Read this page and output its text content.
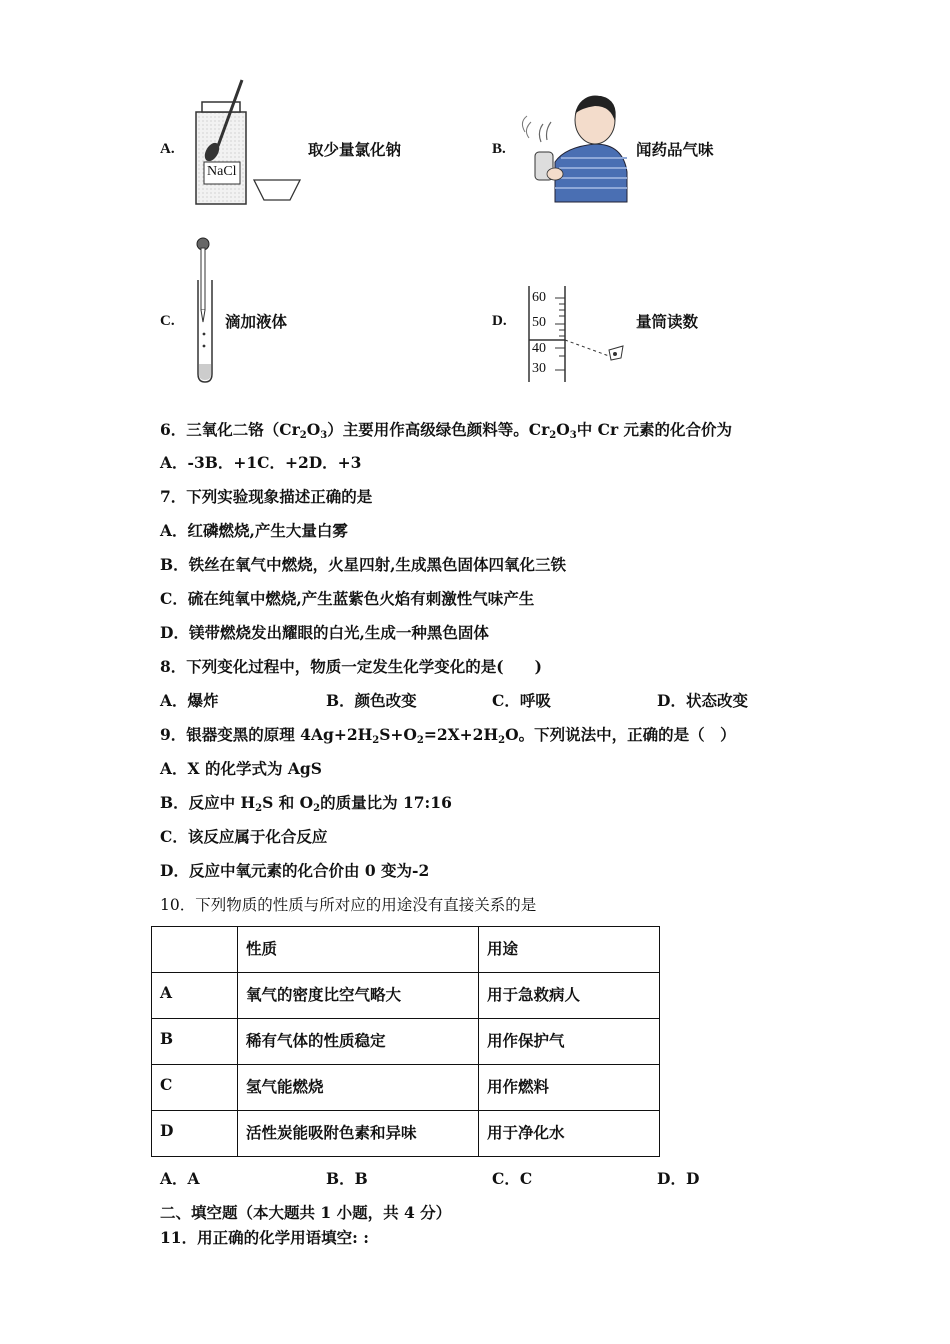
A.
NaCl
取少量氯化钠	B.	闻药品气味
C.	滴加液体	D.
60
50
40
30
量筒读数
6．三氧化二铬$(Cr_2O_3)$主要用作高级绿色颜料等。$Cr_2O_3$中 Cr 元素的化合价为
A．-3B．+1C．+2D．+3
7．下列实验现象描述正确的是
A．红磷燃烧,产生大量白雾
B．铁丝在氧气中燃烧，火星四射,生成黑色固体四氧化三铁
C．硫在纯氧中燃烧,产生蓝紫色火焰有刺激性气味产生
D．镁带燃烧发出耀眼的白光,生成一种黑色固体
8．下列变化过程中，物质一定发生化学变化的是(　　)
A．爆炸	B．颜色改变	C．呼吸	D．状态改变
9．银器变黑的原理 $4Ag+2H_2S+O_2=2X+2H_2O$。下列说法中，正确的是（　）
A．X 的化学式为 AgS
B．反应中 $H_2S$ 和 $O_2$的质量比为 17:16
C．该反应属于化合反应
D．反应中氧元素的化合价由 0 变为-2
10．下列物质的性质与所对应的用途没有直接关系的是
	性质	用途
A	氧气的密度比空气略大	用于急救病人
B	稀有气体的性质稳定	用作保护气
C	氢气能燃烧	用作燃料
D	活性炭能吸附色素和异味	用于净化水
A．A	B．B	C．C	D．D
二、填空题（本大题共 1 小题，共 4 分）
11．用正确的化学用语填空: :
